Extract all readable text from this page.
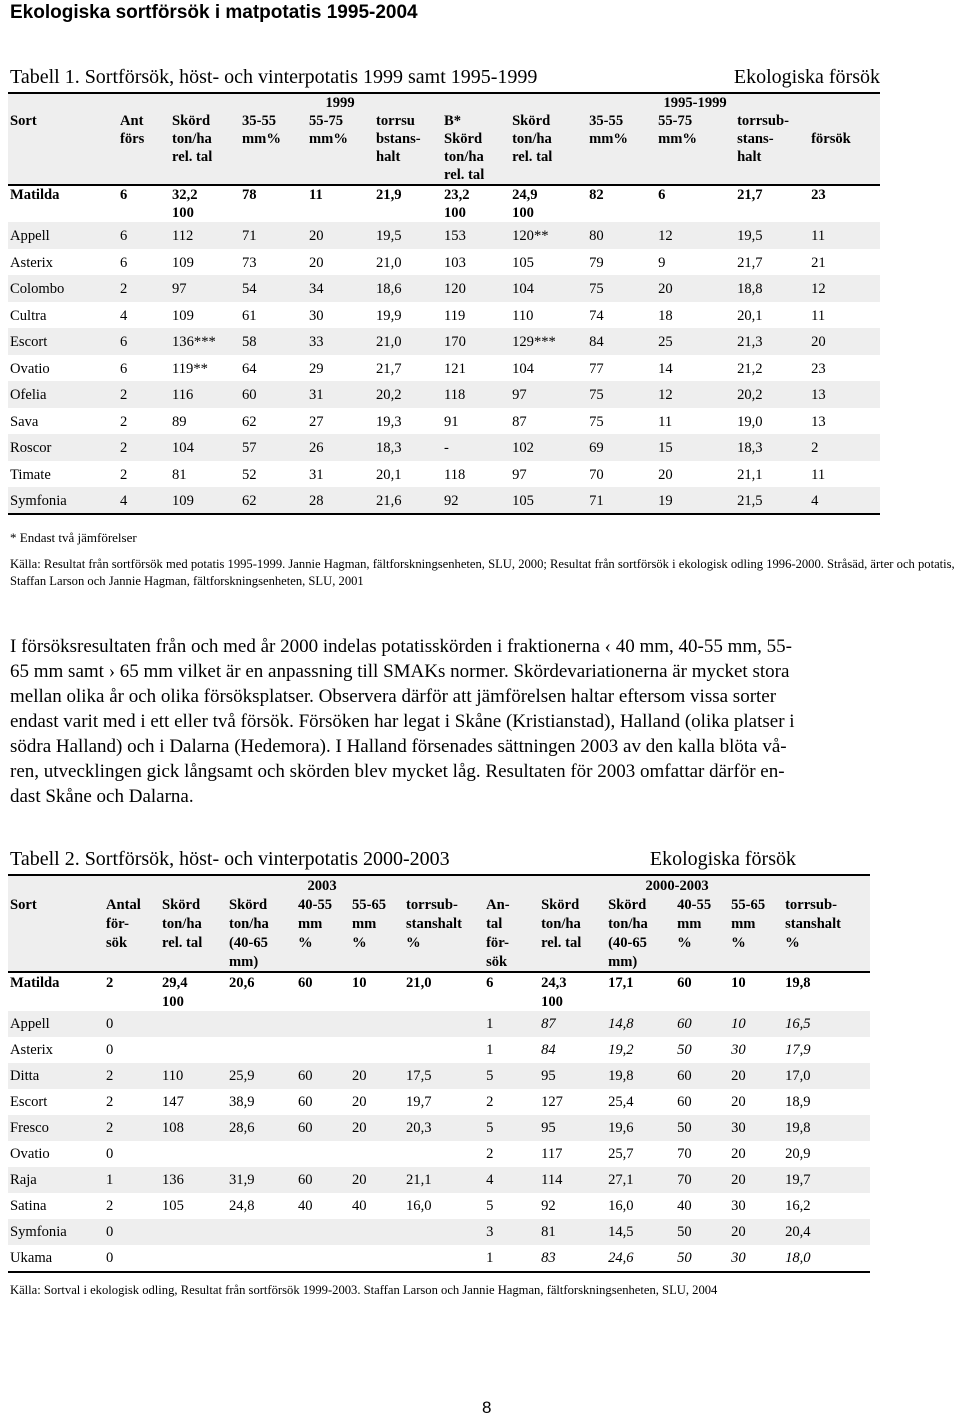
Ekologiska sortförsök i matpotatis 1995-2004
Tabell 1. Sortförsök, höst- och vinterpotatis 1999 samt 1995-1999	Ekologiska försök
		1999					1995-1999				
Sort	Ant	Skörd	35-55	55-75	torrsu	B*	Skörd	35-55	55-75	torrsub-	
	förs	ton/ha	mm%	mm%	bstans-	Skörd	ton/ha	mm%	mm%	stans-	försök
		rel. tal			halt	ton/ha	rel. tal			halt	
						rel. tal					
Matilda	6	32,2	78	11	21,9	23,2	24,9	82	6	21,7	23
		100				100	100				
Appell	6	112	71	20	19,5	153	120**	80	12	19,5	11
Asterix	6	109	73	20	21,0	103	105	79	9	21,7	21
Colombo	2	97	54	34	18,6	120	104	75	20	18,8	12
Cultra	4	109	61	30	19,9	119	110	74	18	20,1	11
Escort	6	136***	58	33	21,0	170	129***	84	25	21,3	20
Ovatio	6	119**	64	29	21,7	121	104	77	14	21,2	23
Ofelia	2	116	60	31	20,2	118	97	75	12	20,2	13
Sava	2	89	62	27	19,3	91	87	75	11	19,0	13
Roscor	2	104	57	26	18,3	-	102	69	15	18,3	2
Timate	2	81	52	31	20,1	118	97	70	20	21,1	11
Symfonia	4	109	62	28	21,6	92	105	71	19	21,5	4
* Endast två jämförelser
Källa: Resultat från sortförsök med potatis 1995-1999. Jannie Hagman, fältforskningsenheten, SLU, 2000; Resultat från sortförsök i ekologisk odling 1996-2000. Stråsäd, ärter och potatis, Staffan Larson och Jannie Hagman, fältforskningsenheten, SLU, 2001
I försöksresultaten från och med år 2000 indelas potatisskörden i fraktionerna ‹ 40 mm, 40-55 mm, 55-
65 mm samt › 65 mm vilket är en anpassning till SMAKs normer. Skördevariationerna är mycket stora
mellan olika år och olika försöksplatser. Observera därför att jämförelsen haltar eftersom vissa sorter
endast varit med i ett eller två försök. Försöken har legat i Skåne (Kristianstad), Halland (olika platser i
södra Halland) och i Dalarna (Hedemora). I Halland försenades sättningen 2003 av den kalla blöta vå-
ren, utvecklingen gick långsamt och skörden blev mycket låg. Resultaten för 2003 omfattar därför en-
dast Skåne och Dalarna.
Tabell 2. Sortförsök, höst- och vinterpotatis 2000-2003	Ekologiska försök
		2003					2000-2003					
Sort	Antal	Skörd	Skörd	40-55	55-65	torrsub-	An-	Skörd	Skörd	40-55	55-65	torrsub-
	för-	ton/ha	ton/ha	mm	mm	stanshalt	tal	ton/ha	ton/ha	mm	mm	stanshalt
	sök	rel. tal	(40-65	%	%	%	för-	rel. tal	(40-65	%	%	%
			mm)				sök		mm)			
Matilda	2	29,4	20,6	60	10	21,0	6	24,3	17,1	60	10	19,8
		100						100				
Appell	0						1	87	14,8	60	10	16,5
Asterix	0						1	84	19,2	50	30	17,9
Ditta	2	110	25,9	60	20	17,5	5	95	19,8	60	20	17,0
Escort	2	147	38,9	60	20	19,7	2	127	25,4	60	20	18,9
Fresco	2	108	28,6	60	20	20,3	5	95	19,6	50	30	19,8
Ovatio	0						2	117	25,7	70	20	20,9
Raja	1	136	31,9	60	20	21,1	4	114	27,1	70	20	19,7
Satina	2	105	24,8	40	40	16,0	5	92	16,0	40	30	16,2
Symfonia	0						3	81	14,5	50	20	20,4
Ukama	0						1	83	24,6	50	30	18,0
Källa: Sortval i ekologisk odling, Resultat från sortförsök 1999-2003. Staffan Larson och Jannie Hagman, fältforskningsenheten, SLU, 2004
8
